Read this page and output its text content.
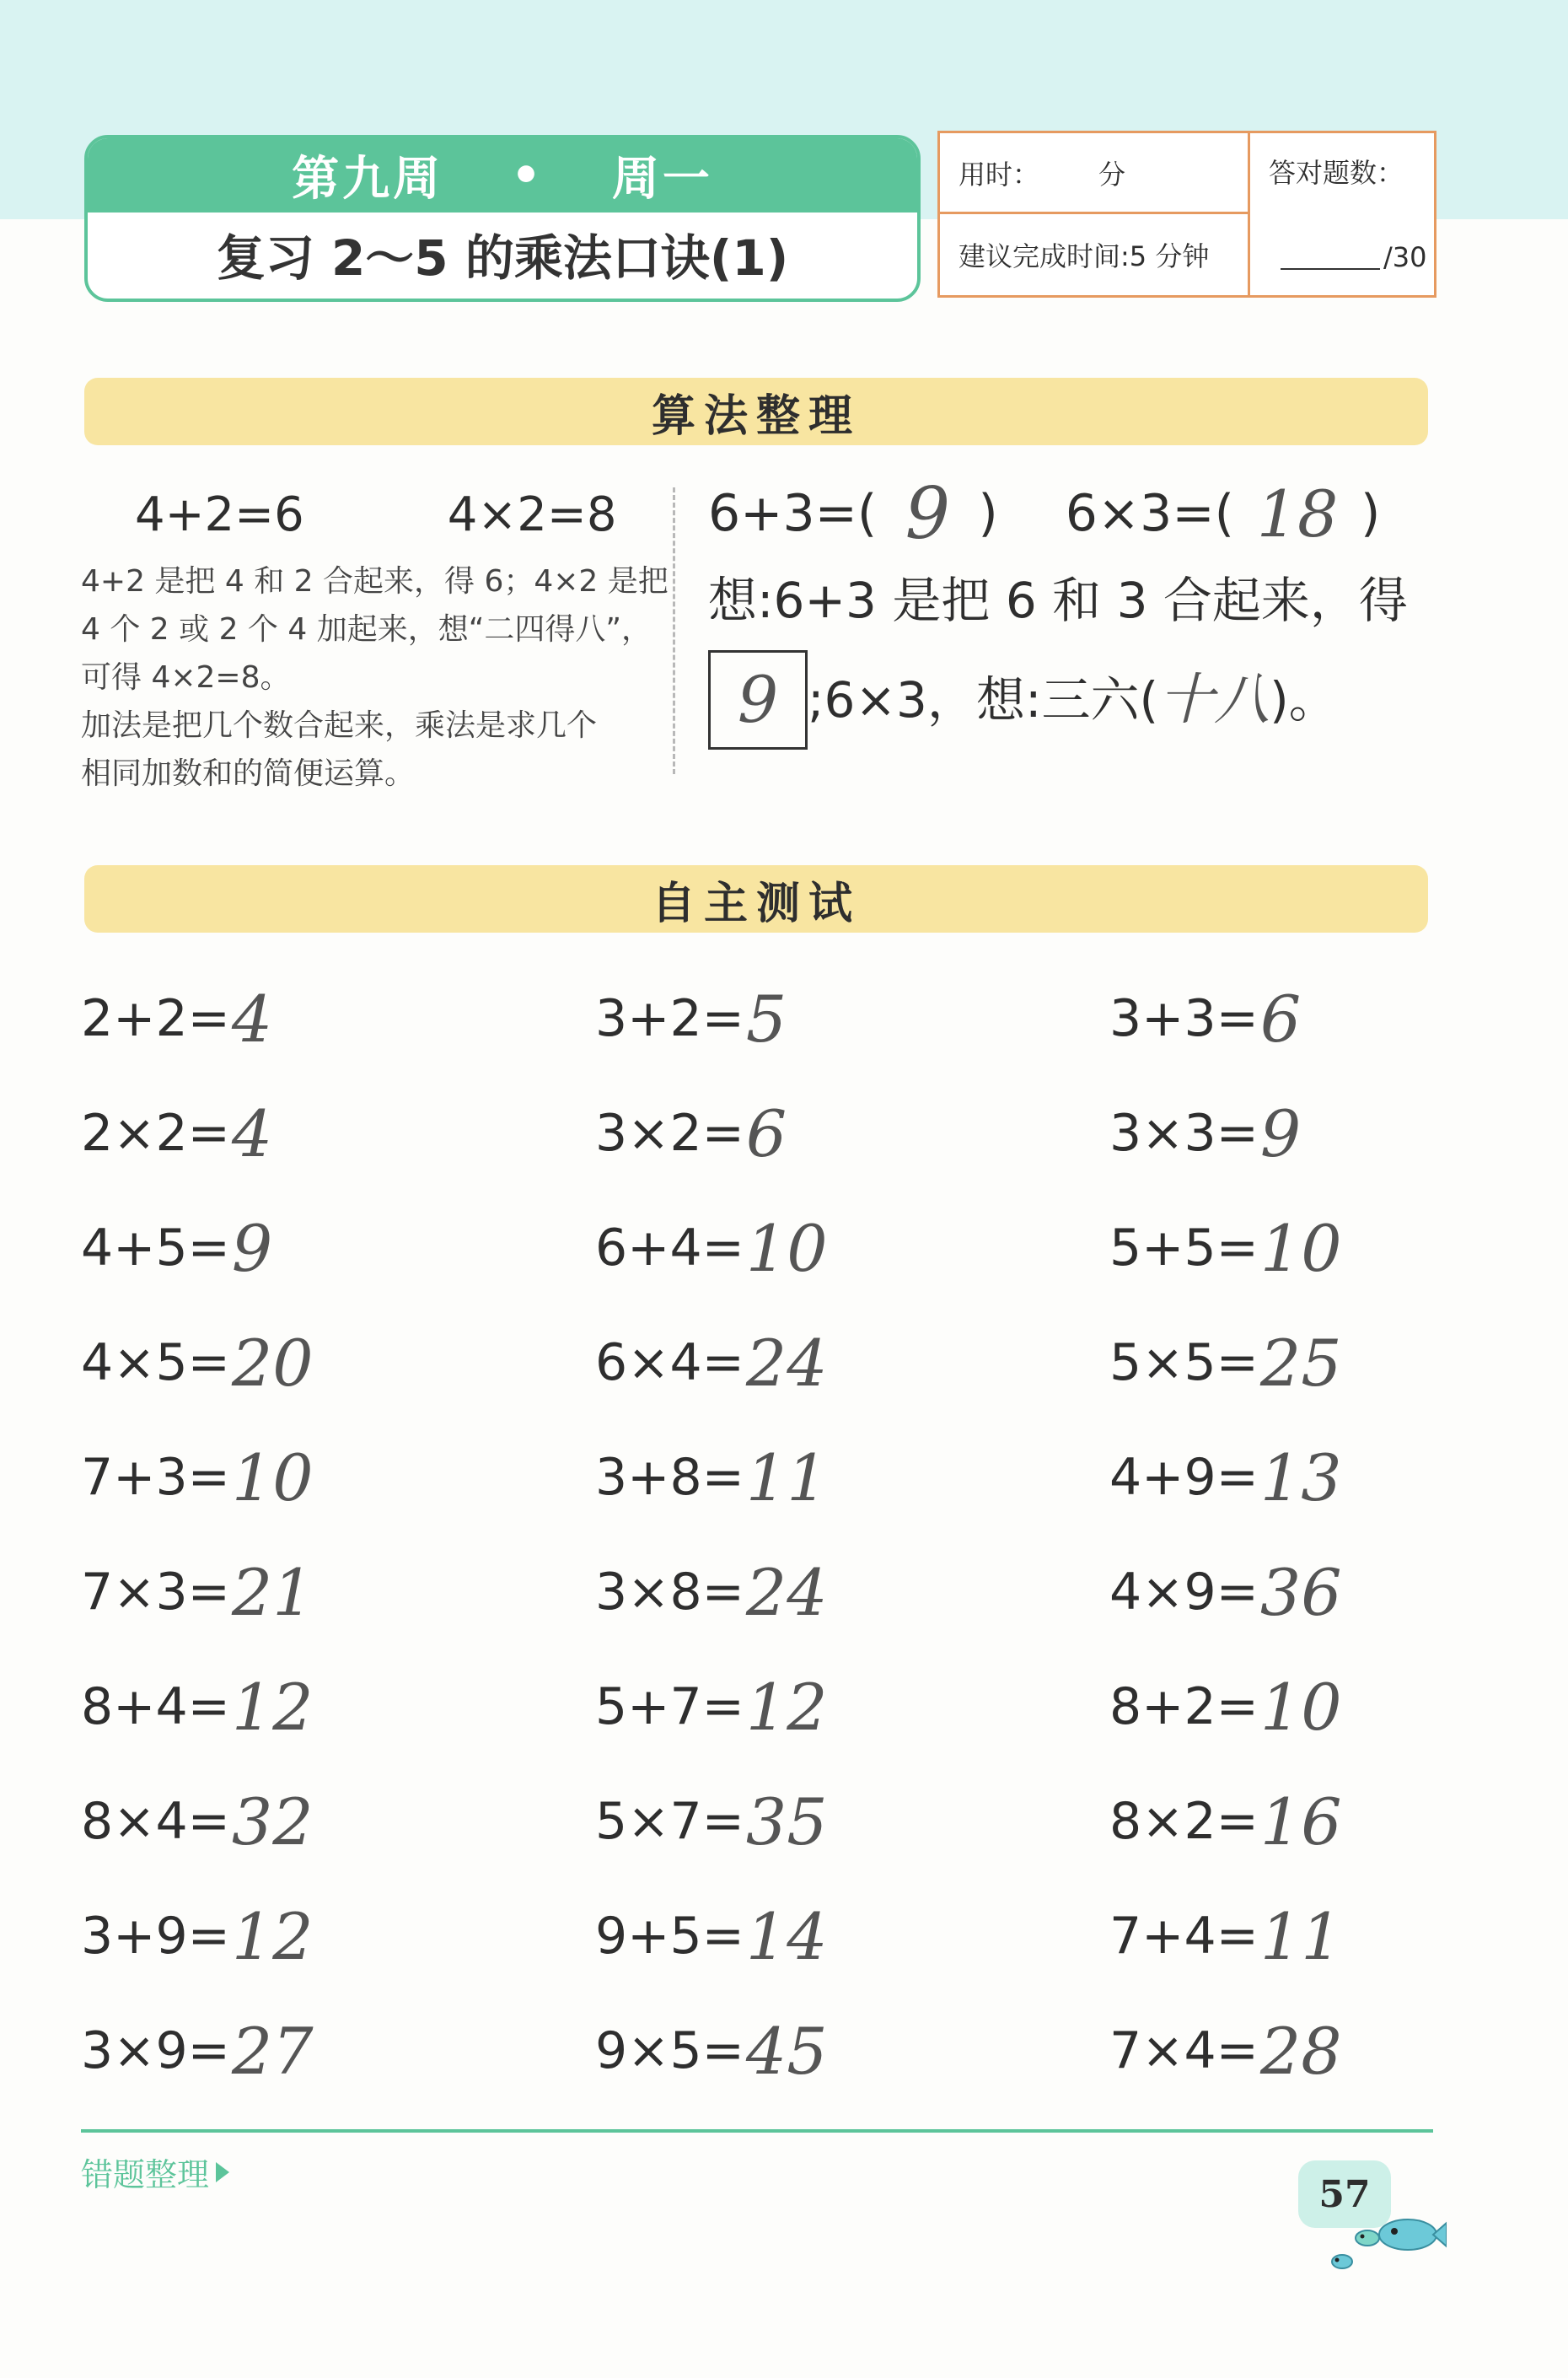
第九周 • 周一
复习 2～5 的乘法口诀(1)
用时： 分
建议完成时间:5 分钟
答对题数：
/30
算法整理
4+2=6	4×2=8
4+2 是把 4 和 2 合起来，得 6；4×2 是把
4 个 2 或 2 个 4 加起来，想“二四得八”，
可得 4×2=8。
加法是把几个数合起来，乘法是求几个
相同加数和的简便运算。
6+3=( 9 ) 6×3=( 18 )
想:6+3 是把 6 和 3 合起来，得
9 ;6×3，想:三六( 十八 )。
自主测试
2+2= 4	3+2= 5	3+3= 6
2×2= 4	3×2= 6	3×3= 9
4+5= 9	6+4= 10	5+5= 10
4×5= 20	6×4= 24	5×5= 25
7+3= 10	3+8= 11	4+9= 13
7×3= 21	3×8= 24	4×9= 36
8+4= 12	5+7= 12	8+2= 10
8×4= 32	5×7= 35	8×2= 16
3+9= 12	9+5= 14	7+4= 11
3×9= 27	9×5= 45	7×4= 28
错题整理	57
